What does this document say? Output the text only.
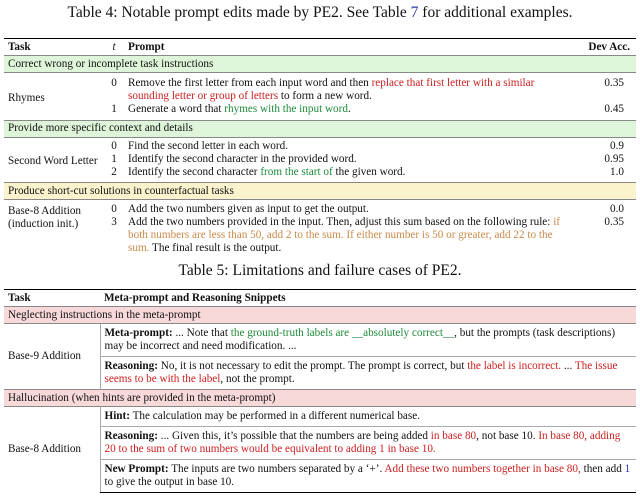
Table 4: Notable prompt edits made by PE2. See Table 7 for additional examples.
Task	t	Prompt	Dev Acc.
Correct wrong or incomplete task instructions			

Rhymes	0	Remove the first letter from each input word and then replace that first letter with a similar sounding letter or group of letters to form a new word.	0.35
	1	Generate a word that rhymes with the input word.	0.45
Provide more specific context and details			

Second Word Letter	0	Find the second letter in each word.	0.9
	1	Identify the second character in the provided word.	0.95
	2	Identify the second character from the start of the given word.	1.0
Produce short-cut solutions in counterfactual tasks			

Base-8 Addition
(induction init.)	0	Add the two numbers given as input to get the output.	0.0
	3	Add the two numbers provided in the input. Then, adjust this sum based on the following rule: if both numbers are less than 50, add 2 to the sum. If either number is 50 or greater, add 22 to the sum. The final result is the output.	0.35
Table 5: Limitations and failure cases of PE2.
Task	Meta-prompt and Reasoning Snippets
Neglecting instructions in the meta-prompt	
Base-9 Addition	Meta-prompt: ... Note that the ground-truth labels are __absolutely correct__, but the prompts (task descriptions) may be incorrect and need modification. ...
	Reasoning: No, it is not necessary to edit the prompt. The prompt is correct, but the label is incorrect. ... The issue seems to be with the label, not the prompt.
Hallucination (when hints are provided in the meta-prompt)	
Base-8 Addition	Hint: The calculation may be performed in a different numerical base.
	Reasoning: ... Given this, it’s possible that the numbers are being added in base 80, not base 10. In base 80, adding 20 to the sum of two numbers would be equivalent to adding 1 in base 10.
	New Prompt: The inputs are two numbers separated by a ‘+’. Add these two numbers together in base 80, then add 1 to give the output in base 10.
